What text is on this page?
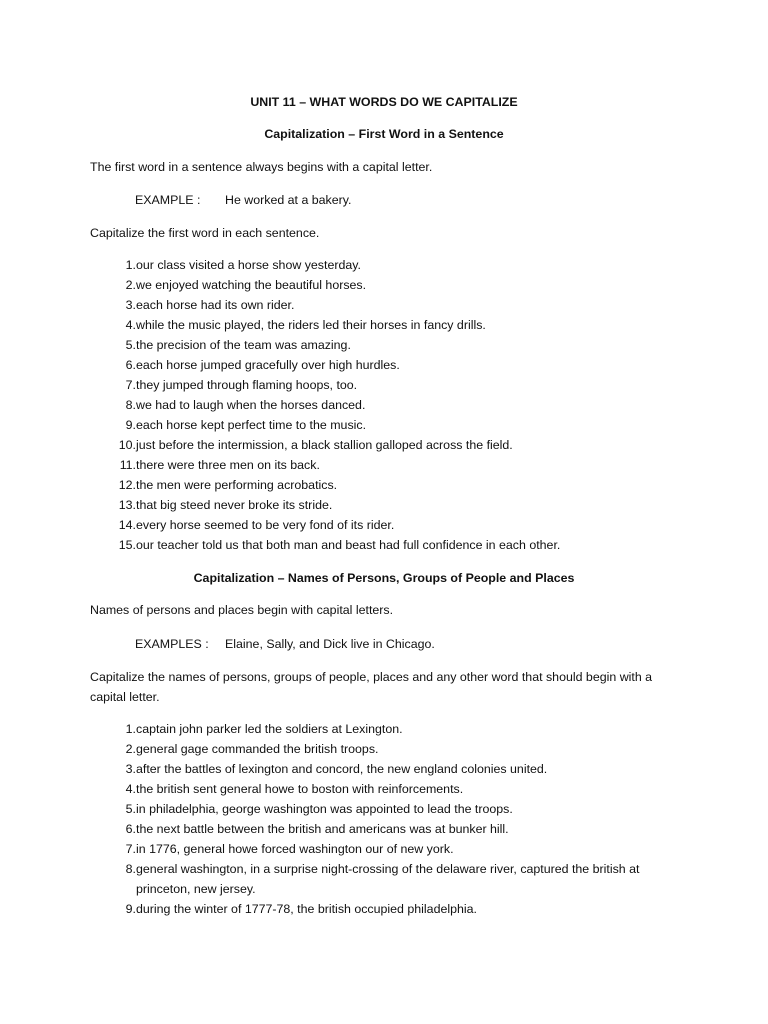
UNIT 11 – WHAT WORDS DO WE CAPITALIZE
Capitalization – First Word in a Sentence
The first word in a sentence always begins with a capital letter.
EXAMPLE : He worked at a bakery.
Capitalize the first word in each sentence.
1. our class visited a horse show yesterday.
2. we enjoyed watching the beautiful horses.
3. each horse had its own rider.
4. while the music played, the riders led their horses in fancy drills.
5. the precision of the team was amazing.
6. each horse jumped gracefully over high hurdles.
7. they jumped through flaming hoops, too.
8. we had to laugh when the horses danced.
9. each horse kept perfect time to the music.
10. just before the intermission, a black stallion galloped across the field.
11. there were three men on its back.
12. the men were performing acrobatics.
13. that big steed never broke its stride.
14. every horse seemed to be very fond of its rider.
15. our teacher told us that both man and beast had full confidence in each other.
Capitalization – Names of Persons, Groups of People and Places
Names of persons and places begin with capital letters.
EXAMPLES : Elaine, Sally, and Dick live in Chicago.
Capitalize the names of persons, groups of people, places and any other word that should begin with a capital letter.
1. captain john parker led the soldiers at Lexington.
2. general gage commanded the british troops.
3. after the battles of lexington and concord, the new england colonies united.
4. the british sent general howe to boston with reinforcements.
5. in philadelphia, george washington was appointed to lead the troops.
6. the next battle between the british and americans was at bunker hill.
7. in 1776, general howe forced washington our of new york.
8. general washington, in a surprise night-crossing of the delaware river, captured the british at princeton, new jersey.
9. during the winter of 1777-78, the british occupied philadelphia.
